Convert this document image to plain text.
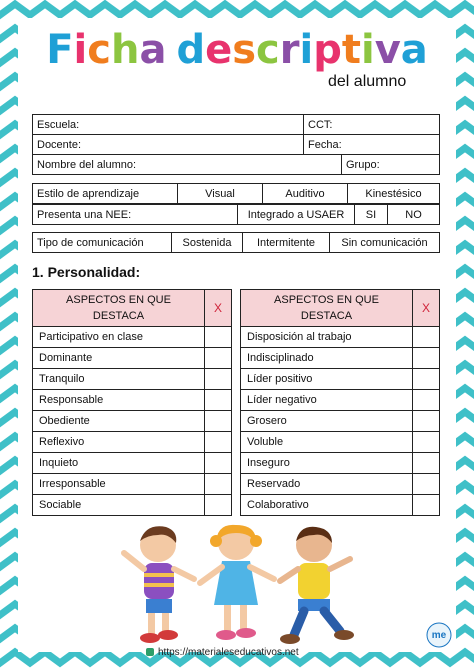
Ficha descriptiva
del alumno
Escuela:	CCT:
Docente:	Fecha:
Nombre del alumno:	Grupo:
Estilo de aprendizaje	Visual	Auditivo	Kinestésico
Presenta una NEE:	Integrado a USAER	SI	NO
Tipo de comunicación	Sostenida	Intermitente	Sin comunicación
1. Personalidad:
ASPECTOS EN QUE
DESTACA	X
Participativo en clase	
Dominante	
Tranquilo	
Responsable	
Obediente	
Reflexivo	
Inquieto	
Irresponsable	
Sociable	
ASPECTOS EN QUE
DESTACA	X
Disposición al trabajo	
Indisciplinado	
Líder positivo	
Líder negativo	
Grosero	
Voluble	
Inseguro	
Reservado	
Colaborativo	
https://materialeseducativos.net
me
